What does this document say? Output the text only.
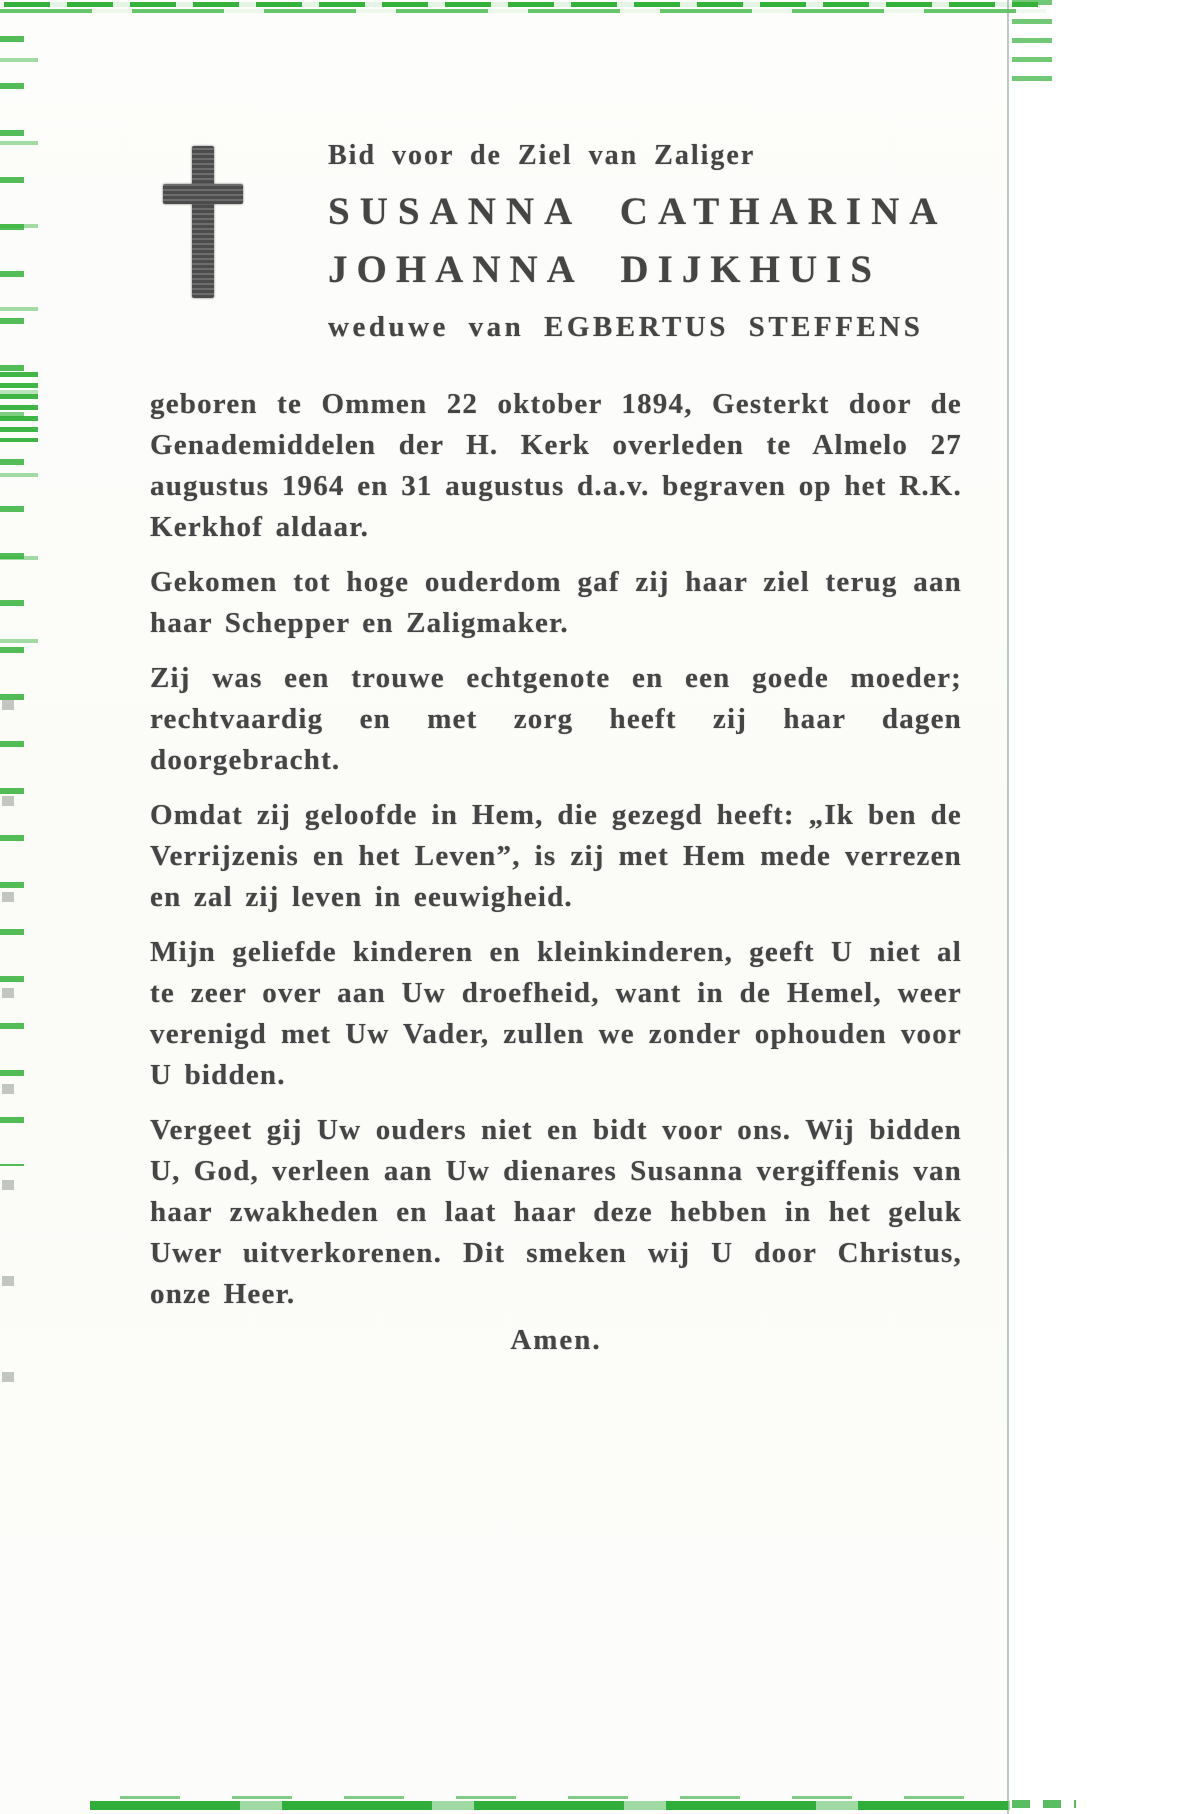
Bid voor de Ziel van Zaliger
SUSANNA CATHARINA
JOHANNA DIJKHUIS
weduwe van EGBERTUS STEFFENS

geboren te Ommen 22 oktober 1894, Gesterkt door de Genademiddelen der H. Kerk overleden te Almelo 27 augustus 1964 en 31 augustus d.a.v. begraven op het R.K. Kerkhof aldaar.

Gekomen tot hoge ouderdom gaf zij haar ziel terug aan haar Schepper en Zaligmaker.

Zij was een trouwe echtgenote en een goede moeder; rechtvaardig en met zorg heeft zij haar dagen doorgebracht.

Omdat zij geloofde in Hem, die gezegd heeft: „Ik ben de Verrijzenis en het Leven”, is zij met Hem mede verrezen en zal zij leven in eeuwigheid.

Mijn geliefde kinderen en kleinkinderen, geeft U niet al te zeer over aan Uw droefheid, want in de Hemel, weer verenigd met Uw Vader, zullen we zonder ophouden voor U bidden.

Vergeet gij Uw ouders niet en bidt voor ons. Wij bidden U, God, verleen aan Uw dienares Susanna vergiffenis van haar zwakheden en laat haar deze hebben in het geluk Uwer uitverkorenen. Dit smeken wij U door Christus, onze Heer.

Amen.
